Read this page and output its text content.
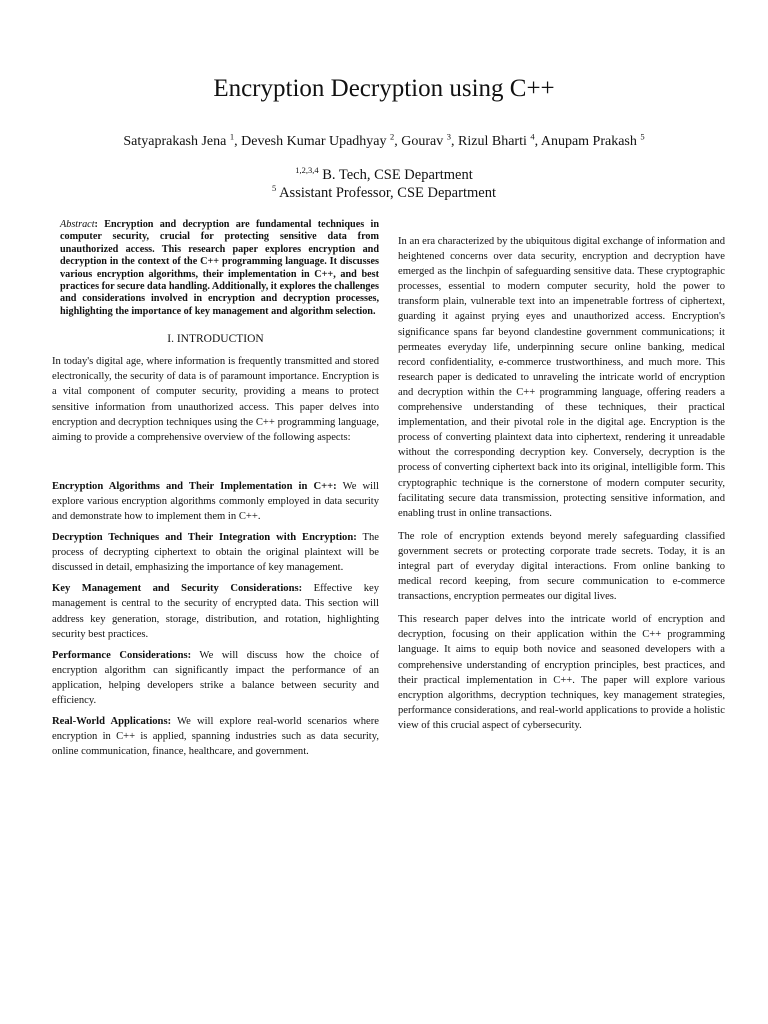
Encryption Decryption using C++
Satyaprakash Jena $^1$, Devesh Kumar Upadhyay $^2$, Gourav $^3$, Rizul Bharti $^4$, Anupam Prakash $^5$
$^{1,2,3,4}$ B. Tech, CSE Department
$^5$ Assistant Professor, CSE Department

Abstract: Encryption and decryption are fundamental techniques in computer security, crucial for protecting sensitive data from unauthorized access. This research paper explores encryption and decryption in the context of the C++ programming language. It discusses various encryption algorithms, their implementation in C++, and best practices for secure data handling. Additionally, it explores the challenges and considerations involved in encryption and decryption processes, highlighting the importance of key management and algorithm selection.

I. INTRODUCTION

In today's digital age, where information is frequently transmitted and stored electronically, the security of data is of paramount importance. Encryption is a vital component of computer security, providing a means to protect sensitive information from unauthorized access. This paper delves into encryption and decryption techniques using the C++ programming language, aiming to provide a comprehensive overview of the following aspects:

Encryption Algorithms and Their Implementation in C++: We will explore various encryption algorithms commonly employed in data security and demonstrate how to implement them in C++.

Decryption Techniques and Their Integration with Encryption: The process of decrypting ciphertext to obtain the original plaintext will be discussed in detail, emphasizing the importance of key management.

Key Management and Security Considerations: Effective key management is central to the security of encrypted data. This section will address key generation, storage, distribution, and rotation, highlighting security best practices.

Performance Considerations: We will discuss how the choice of encryption algorithm can significantly impact the performance of an application, helping developers strike a balance between security and efficiency.

Real-World Applications: We will explore real-world scenarios where encryption in C++ is applied, spanning industries such as data security, online communication, finance, healthcare, and government.

In an era characterized by the ubiquitous digital exchange of information and heightened concerns over data security, encryption and decryption have emerged as the linchpin of safeguarding sensitive data. These cryptographic processes, essential to modern computer security, hold the power to transform plain, vulnerable text into an impenetrable fortress of ciphertext, guarding it against prying eyes and unauthorized access. Encryption's significance spans far beyond clandestine government communications; it permeates everyday life, underpinning secure online banking, medical record confidentiality, e-commerce trustworthiness, and much more. This research paper is dedicated to unraveling the intricate world of encryption and decryption within the C++ programming language, offering readers a comprehensive understanding of these techniques, their practical implementation, and their pivotal role in the digital age. Encryption is the process of converting plaintext data into ciphertext, rendering it unreadable without the corresponding decryption key. Conversely, decryption is the process of converting ciphertext back into its original, intelligible form. This cryptographic technique is the cornerstone of modern computer security, facilitating secure data transmission, protecting sensitive information, and enabling trust in online transactions.

The role of encryption extends beyond merely safeguarding classified government secrets or protecting corporate trade secrets. Today, it is an integral part of everyday digital interactions. From online banking to medical record keeping, from secure communication to e-commerce transactions, encryption permeates our digital lives.

This research paper delves into the intricate world of encryption and decryption, focusing on their application within the C++ programming language. It aims to equip both novice and seasoned developers with a comprehensive understanding of encryption principles, best practices, and their practical implementation in C++. The paper will explore various encryption algorithms, decryption techniques, key management strategies, performance considerations, and real-world applications to provide a holistic view of this crucial aspect of cybersecurity.
